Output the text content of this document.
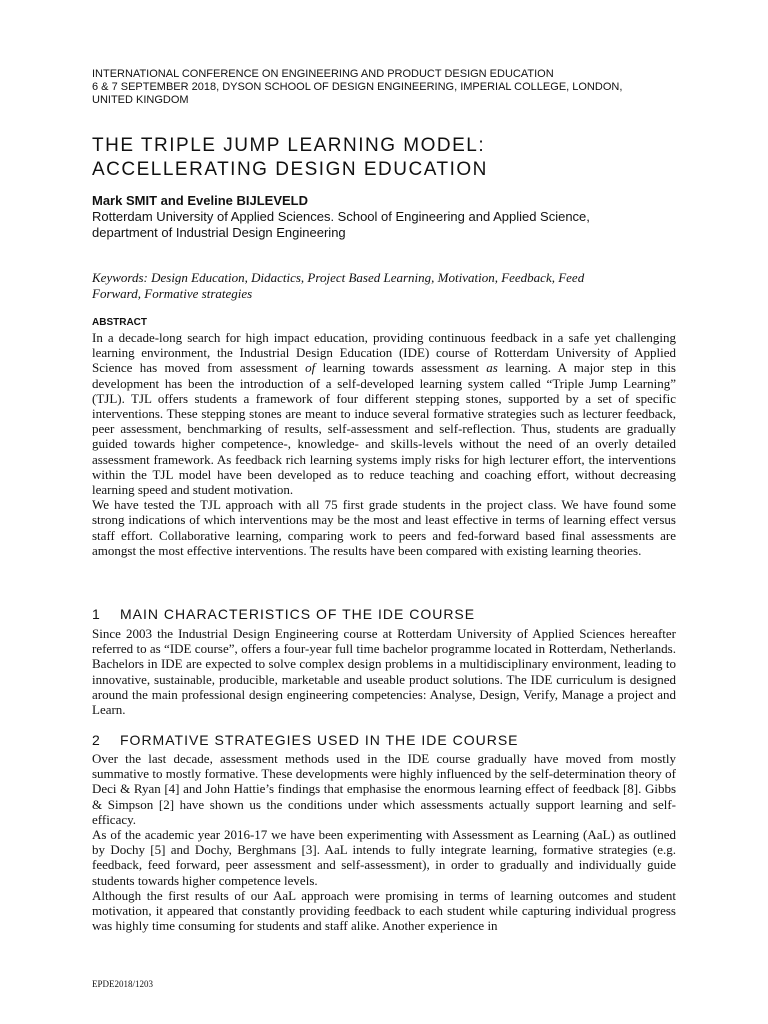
INTERNATIONAL CONFERENCE ON ENGINEERING AND PRODUCT DESIGN EDUCATION
6 & 7 SEPTEMBER 2018, DYSON SCHOOL OF DESIGN ENGINEERING, IMPERIAL COLLEGE, LONDON,
UNITED KINGDOM
THE TRIPLE JUMP LEARNING MODEL:
ACCELLERATING DESIGN EDUCATION
Mark SMIT and Eveline BIJLEVELD
Rotterdam University of Applied Sciences. School of Engineering and Applied Science,
department of Industrial Design Engineering
Keywords: Design Education, Didactics, Project Based Learning, Motivation, Feedback, Feed
Forward, Formative strategies
ABSTRACT

In a decade-long search for high impact education, providing continuous feedback in a safe yet challenging learning environment, the Industrial Design Education (IDE) course of Rotterdam University of Applied Science has moved from assessment of learning towards assessment as learning. A major step in this development has been the introduction of a self-developed learning system called “Triple Jump Learning” (TJL). TJL offers students a framework of four different stepping stones, supported by a set of specific interventions. These stepping stones are meant to induce several formative strategies such as lecturer feedback, peer assessment, benchmarking of results, self-assessment and self-reflection. Thus, students are gradually guided towards higher competence-, knowledge- and skills-levels without the need of an overly detailed assessment framework. As feedback rich learning systems imply risks for high lecturer effort, the interventions within the TJL model have been developed as to reduce teaching and coaching effort, without decreasing learning speed and student motivation.

We have tested the TJL approach with all 75 first grade students in the project class. We have found some strong indications of which interventions may be the most and least effective in terms of learning effect versus staff effort. Collaborative learning, comparing work to peers and fed-forward based final assessments are amongst the most effective interventions. The results have been compared with existing learning theories.

1 MAIN CHARACTERISTICS OF THE IDE COURSE

Since 2003 the Industrial Design Engineering course at Rotterdam University of Applied Sciences hereafter referred to as “IDE course”, offers a four-year full time bachelor programme located in Rotterdam, Netherlands. Bachelors in IDE are expected to solve complex design problems in a multidisciplinary environment, leading to innovative, sustainable, producible, marketable and useable product solutions. The IDE curriculum is designed around the main professional design engineering competencies: Analyse, Design, Verify, Manage a project and Learn.

2 FORMATIVE STRATEGIES USED IN THE IDE COURSE

Over the last decade, assessment methods used in the IDE course gradually have moved from mostly summative to mostly formative. These developments were highly influenced by the self-determination theory of Deci & Ryan [4] and John Hattie’s findings that emphasise the enormous learning effect of feedback [8]. Gibbs & Simpson [2] have shown us the conditions under which assessments actually support learning and self-efficacy.

As of the academic year 2016-17 we have been experimenting with Assessment as Learning (AaL) as outlined by Dochy [5] and Dochy, Berghmans [3]. AaL intends to fully integrate learning, formative strategies (e.g. feedback, feed forward, peer assessment and self-assessment), in order to gradually and individually guide students towards higher competence levels.

Although the first results of our AaL approach were promising in terms of learning outcomes and student motivation, it appeared that constantly providing feedback to each student while capturing individual progress was highly time consuming for students and staff alike. Another experience in

EPDE2018/1203
